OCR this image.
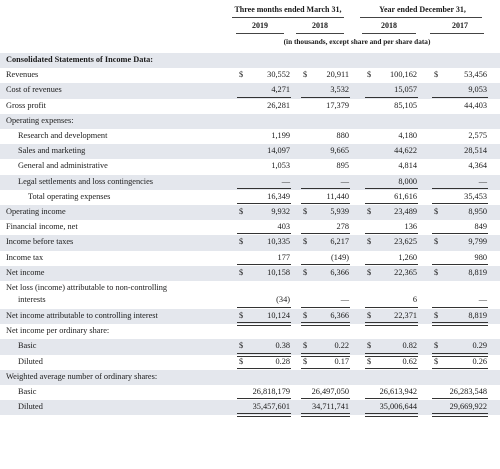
Three months ended March 31,	Year ended December 31,
2019	2018	2018	2017
(in thousands, except share and per share data)
Consolidated Statements of Income Data:
Revenues	$	30,552 $ 20,911 $ 100,162 $	53,456
Cost of revenues	4,271	3,532	15,057	9,053
Gross profit	26,281	17,379	85,105	44,403
Operating expenses:
Research and development	1,199	880	4,180	2,575
Sales and marketing	14,097	9,665	44,622	28,514
General and administrative	1,053	895	4,814	4,364
Legal settlements and loss contingencies	—	—	8,000	—
Total operating expenses	16,349	11,440	61,616	35,453
Operating income	$	9,932 $	5,939 $	23,489 $	8,950
Financial income, net	403	278	136	849
Income before taxes	$	10,335 $	6,217 $	23,625 $	9,799
Income tax	177	(149)	1,260	980
Net income	$	10,158 $	6,366 $	22,365 $	8,819
Net loss (income) attributable to non-controlling
interests	(34)	—	6	—
Net income attributable to controlling interest	$	10,124 $	6,366 $	22,371 $	8,819
Net income per ordinary share:
Basic	$	0.38 $	0.22 $	0.82 $	0.29
Diluted	$	0.28 $	0.17 $	0.62 $	0.26
Weighted average number of ordinary shares:
Basic	26,818,179	26,497,050	26,613,942	26,283,548
Diluted	35,457,601	34,711,741	35,006,644	29,669,922
